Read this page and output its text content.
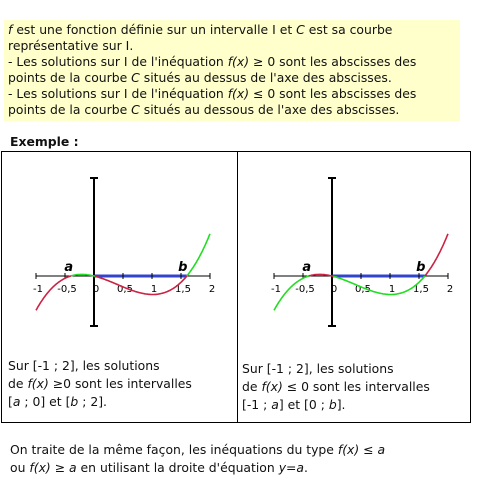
f est une fonction définie sur un intervalle I et C est sa courbe représentative sur I.

- Les solutions sur I de l'inéquation f(x) ≥ 0 sont les abscisses des points de la courbe C situés au dessus de l'axe des abscisses.

- Les solutions sur I de l'inéquation f(x) ≤ 0 sont les abscisses des points de la courbe C situés au dessous de l'axe des abscisses.

Exemple :
-1 -0,5 0 0,5 1 1,5 2
a	b
-1 -0,5 0 0,5 1 1,5 2
a	b

Sur [-1 ; 2], les solutions

de f(x) ≥0 sont les intervalles

[a ; 0] et [b ; 2].

Sur [-1 ; 2], les solutions

de f(x) ≤ 0 sont les intervalles

[-1 ; a] et [0 ; b].

On traite de la même façon, les inéquations du type f(x) ≤ a

ou f(x) ≥ a en utilisant la droite d'équation y=a.
